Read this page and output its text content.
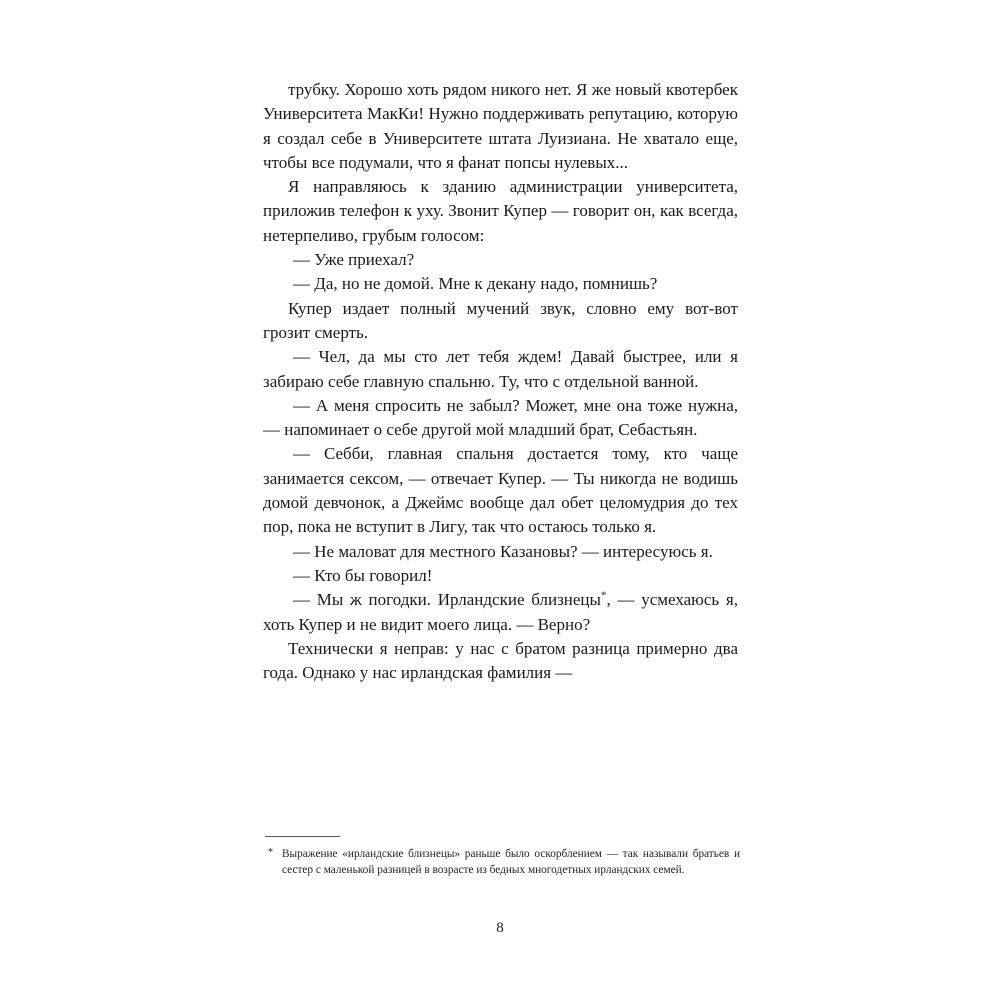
трубку. Хорошо хоть рядом никого нет. Я же новый квотербек Университета МакКи! Нужно поддерживать репутацию, которую я создал себе в Университете штата Луизиана. Не хватало еще, чтобы все подумали, что я фанат попсы нулевых...

Я направляюсь к зданию администрации университета, приложив телефон к уху. Звонит Купер — говорит он, как всегда, нетерпеливо, грубым голосом:

— Уже приехал?

— Да, но не домой. Мне к декану надо, помнишь?

Купер издает полный мучений звук, словно ему вот-вот грозит смерть.

— Чел, да мы сто лет тебя ждем! Давай быстрее, или я забираю себе главную спальню. Ту, что с отдельной ванной.

— А меня спросить не забыл? Может, мне она тоже нужна, — напоминает о себе другой мой младший брат, Себастьян.

— Себби, главная спальня достается тому, кто чаще занимается сексом, — отвечает Купер. — Ты никогда не водишь домой девчонок, а Джеймс вообще дал обет целомудрия до тех пор, пока не вступит в Лигу, так что остаюсь только я.

— Не маловат для местного Казановы? — интересуюсь я.

— Кто бы говорил!

— Мы ж погодки. Ирландские близнецы*, — усмехаюсь я, хоть Купер и не видит моего лица. — Верно?

Технически я неправ: у нас с братом разница примерно два года. Однако у нас ирландская фамилия —

* Выражение «ирландские близнецы» раньше было оскорблением — так называли братьев и сестер с маленькой разницей в возрасте из бедных многодетных ирландских семей.
8
